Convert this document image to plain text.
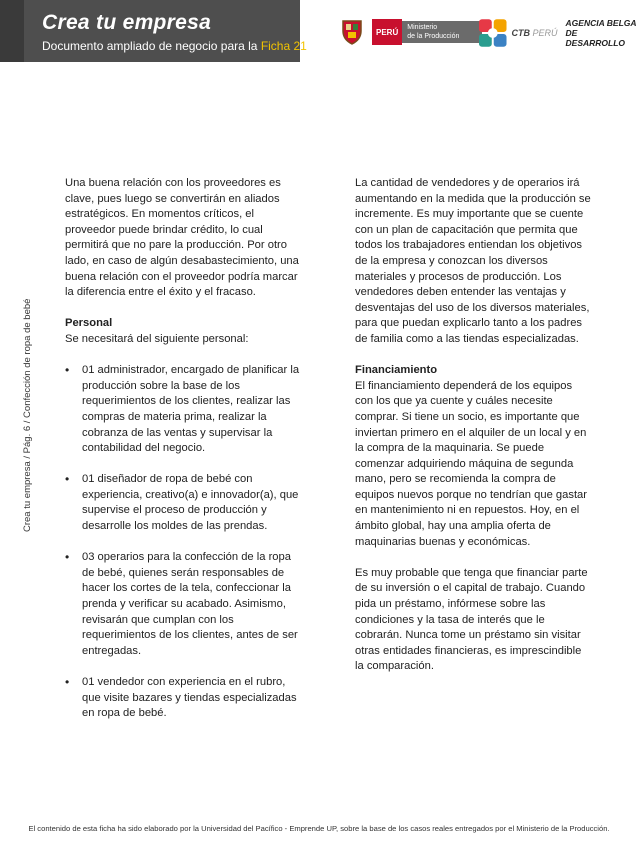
Crea tu empresa
Documento ampliado de negocio para la Ficha 21
PERÚ	Ministerio
de la Producción	CTB PERÚ
AGENCIA BELGA
DE DESARROLLO
Crea tu empresa / Pág. 6 / Confección de ropa de bebé

Una buena relación con los proveedores es clave, pues luego se convertirán en aliados estratégicos. En momentos críticos, el proveedor puede brindar crédito, lo cual permitirá que no pare la producción. Por otro lado, en caso de algún desabastecimiento, una buena relación con el proveedor podría marcar la diferencia entre el éxito y el fracaso.

Personal

Se necesitará del siguiente personal:

• 01 administrador, encargado de planificar la producción sobre la base de los requerimientos de los clientes, realizar las compras de materia prima, realizar la cobranza de las ventas y supervisar la contabilidad del negocio.

• 01 diseñador de ropa de bebé con experiencia, creativo(a) e innovador(a), que supervise el proceso de producción y desarrolle los moldes de las prendas.

• 03 operarios para la confección de la ropa de bebé, quienes serán responsables de hacer los cortes de la tela, confeccionar la prenda y verificar su acabado. Asimismo, revisarán que cumplan con los requerimientos de los clientes, antes de ser entregadas.

• 01 vendedor con experiencia en el rubro, que visite bazares y tiendas especializadas en ropa de bebé.

La cantidad de vendedores y de operarios irá aumentando en la medida que la producción se incremente. Es muy importante que se cuente con un plan de capacitación que permita que todos los trabajadores entiendan los objetivos de la empresa y conozcan los diversos materiales y procesos de producción. Los vendedores deben entender las ventajas y desventajas del uso de los diversos materiales, para que puedan explicarlo tanto a los padres de familia como a las tiendas especializadas.

Financiamiento

El financiamiento dependerá de los equipos con los que ya cuente y cuáles necesite comprar. Si tiene un socio, es importante que inviertan primero en el alquiler de un local y en la compra de la maquinaria. Se puede comenzar adquiriendo máquina de segunda mano, pero se recomienda la compra de equipos nuevos porque no tendrían que gastar en mantenimiento ni en repuestos. Hoy, en el ámbito global, hay una amplia oferta de maquinarias buenas y económicas.

Es muy probable que tenga que financiar parte de su inversión o el capital de trabajo. Cuando pida un préstamo, infórmese sobre las condiciones y la tasa de interés que le cobrarán. Nunca tome un préstamo sin visitar otras entidades financieras, es imprescindible la comparación.

El contenido de esta ficha ha sido elaborado por la Universidad del Pacífico - Emprende UP, sobre la base de los casos reales entregados por el Ministerio de la Producción.
